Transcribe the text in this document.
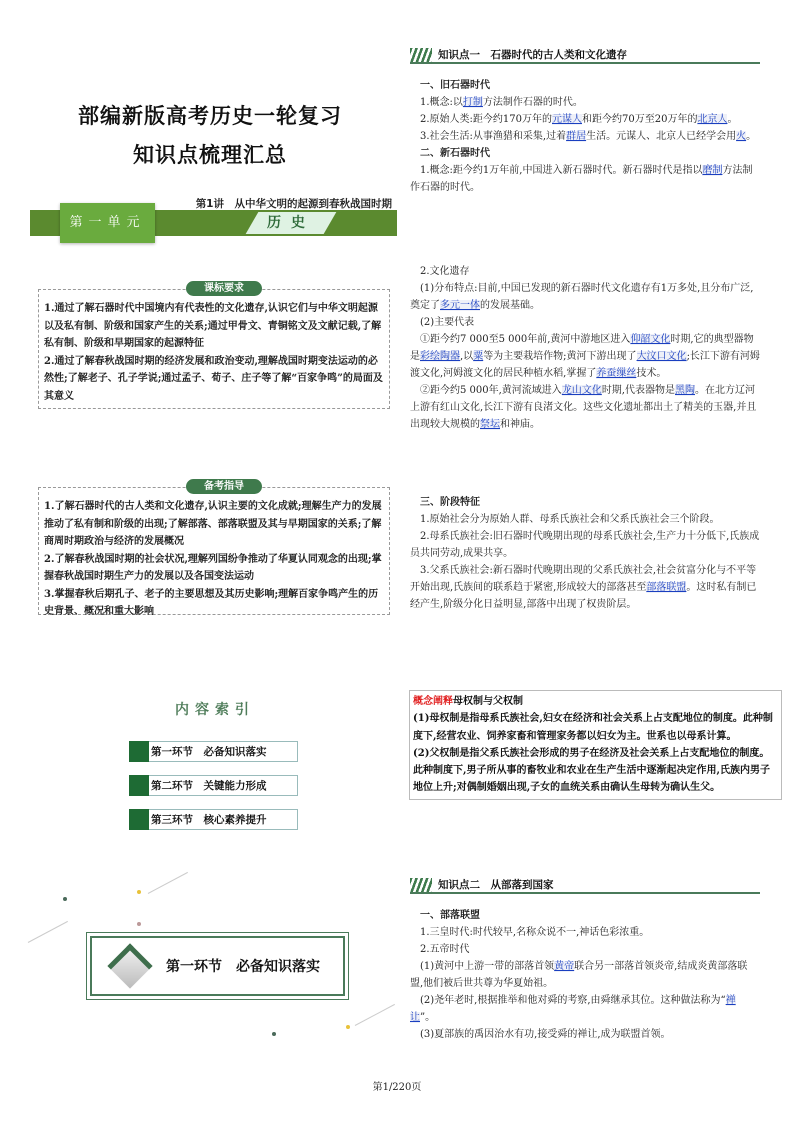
部编新版高考历史一轮复习
知识点梳理汇总
第1讲　从中华文明的起源到春秋战国时期
历史
第一单元
1.通过了解石器时代中国境内有代表性的文化遗存,认识它们与中华文明起源以及私有制、阶级和国家产生的关系;通过甲骨文、青铜铭文及文献记载,了解私有制、阶级和早期国家的起源特征
2.通过了解春秋战国时期的经济发展和政治变动,理解战国时期变法运动的必然性;了解老子、孔子学说;通过孟子、荀子、庄子等了解“百家争鸣”的局面及其意义
课标要求
1.了解石器时代的古人类和文化遗存,认识主要的文化成就;理解生产力的发展推动了私有制和阶级的出现;了解部落、部落联盟及其与早期国家的关系;了解商周时期政治与经济的发展概况
2.了解春秋战国时期的社会状况,理解列国纷争推动了华夏认同观念的出现;掌握春秋战国时期生产力的发展以及各国变法运动
3.掌握春秋后期孔子、老子的主要思想及其历史影响;理解百家争鸣产生的历史背景、概况和重大影响
备考指导
内容索引
第一环节　必备知识落实
第二环节　关键能力形成
第三环节　核心素养提升
第一环节　必备知识落实
知识点一　石器时代的古人类和文化遗存

一、旧石器时代

1.概念:以打制方法制作石器的时代。

2.原始人类:距今约170万年的元谋人和距今约70万至20万年的北京人。

3.社会生活:从事渔猎和采集,过着群居生活。元谋人、北京人已经学会用火。

二、新石器时代

1.概念:距今约1万年前,中国进入新石器时代。新石器时代是指以磨制方法制作石器的时代。

2.文化遗存

(1)分布特点:目前,中国已发现的新石器时代文化遗存有1万多处,且分布广泛,奠定了多元一体的发展基础。

(2)主要代表

①距今约7 000至5 000年前,黄河中游地区进入仰韶文化时期,它的典型器物是彩绘陶器,以粟等为主要栽培作物;黄河下游出现了大汶口文化;长江下游有河姆渡文化,河姆渡文化的居民种植水稻,掌握了养蚕缫丝技术。

②距今约5 000年,黄河流域进入龙山文化时期,代表器物是黑陶。在北方辽河上游有红山文化,长江下游有良渚文化。这些文化遗址都出土了精美的玉器,并且出现较大规模的祭坛和神庙。

三、阶段特征

1.原始社会分为原始人群、母系氏族社会和父系氏族社会三个阶段。

2.母系氏族社会:旧石器时代晚期出现的母系氏族社会,生产力十分低下,氏族成员共同劳动,成果共享。

3.父系氏族社会:新石器时代晚期出现的父系氏族社会,社会贫富分化与不平等开始出现,氏族间的联系趋于紧密,形成较大的部落甚至部落联盟。这时私有制已经产生,阶级分化日益明显,部落中出现了权贵阶层。

概念阐释母权制与父权制
(1)母权制是指母系氏族社会,妇女在经济和社会关系上占支配地位的制度。此种制度下,经营农业、饲养家畜和管理家务都以妇女为主。世系也以母系计算。
(2)父权制是指父系氏族社会形成的男子在经济及社会关系上占支配地位的制度。此种制度下,男子所从事的畜牧业和农业在生产生活中逐渐起决定作用,氏族内男子地位上升;对偶制婚姻出现,子女的血统关系由确认生母转为确认生父。
知识点二　从部落到国家

一、部落联盟

1.三皇时代:时代较早,名称众说不一,神话色彩浓重。

2.五帝时代

(1)黄河中上游一带的部落首领黄帝联合另一部落首领炎帝,结成炎黄部落联盟,他们被后世共尊为华夏始祖。

(2)尧年老时,根据推举和他对舜的考察,由舜继承其位。这种做法称为“禅让”。

(3)夏部族的禹因治水有功,接受舜的禅让,成为联盟首领。

第1/220页
